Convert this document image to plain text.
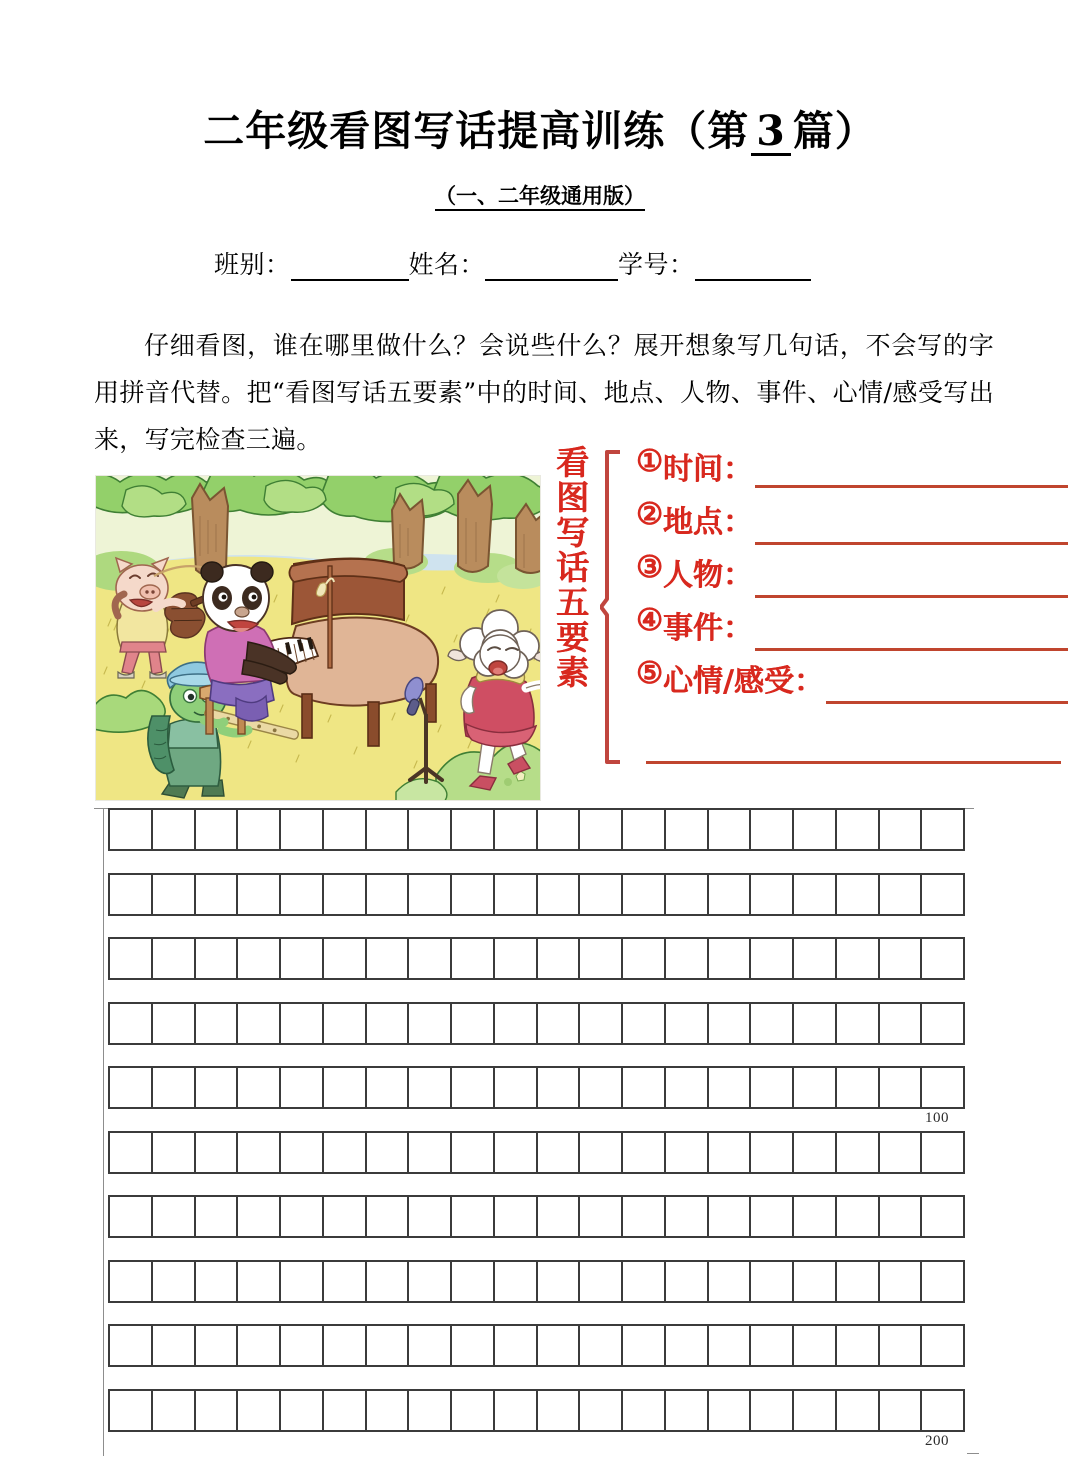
二年级看图写话提高训练（第 3 篇）
（一、二年级通用版）
班别：	姓名：	学号：
仔细看图，谁在哪里做什么？会说些什么？展开想象写几句话，不会写的字用拼音代替。把“看图写话五要素”中的时间、地点、人物、事件、心情/感受写出来，写完检查三遍。
看图写话五要素 ① 时间：
② 地点：
③ 人物：
④ 事件：
⑤ 心情/感受：
100
200
